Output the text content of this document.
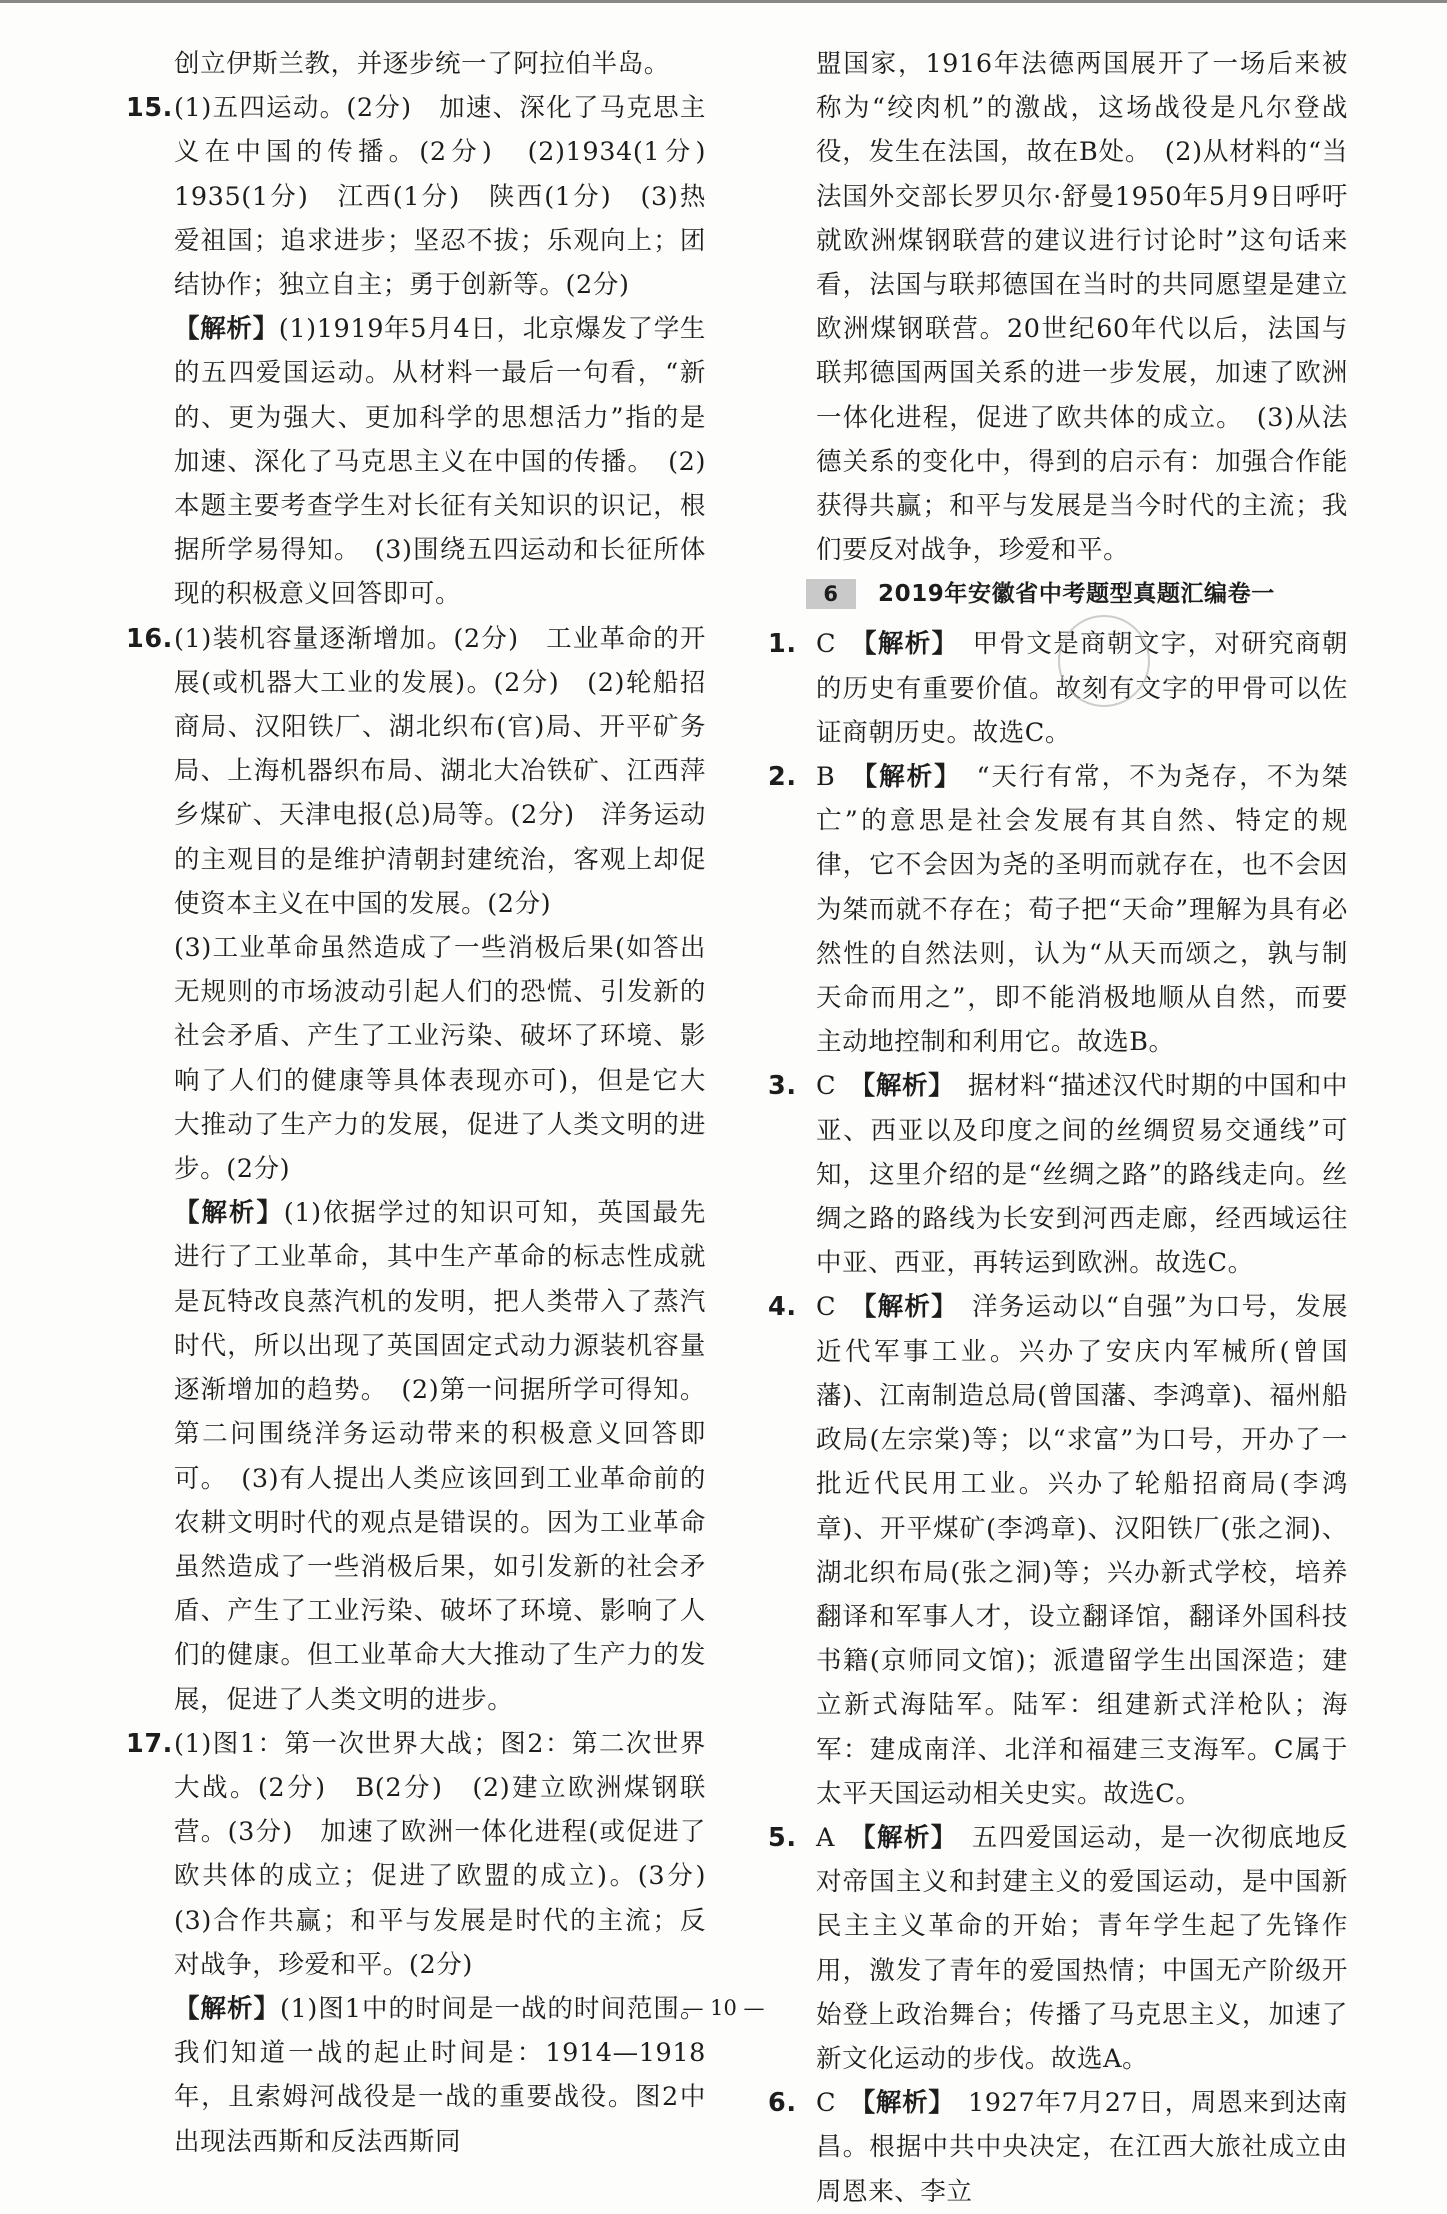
创立伊斯兰教，并逐步统一了阿拉伯半岛。

15.(1)五四运动。(2分)　加速、深化了马克思主义在中国的传播。(2分)　(2)1934(1分)　1935(1分)　江西(1分)　陕西(1分)　(3)热爱祖国；追求进步；坚忍不拔；乐观向上；团结协作；独立自主；勇于创新等。(2分)

【解析】(1)1919年5月4日，北京爆发了学生的五四爱国运动。从材料一最后一句看，“新的、更为强大、更加科学的思想活力”指的是加速、深化了马克思主义在中国的传播。　(2)本题主要考查学生对长征有关知识的识记，根据所学易得知。　(3)围绕五四运动和长征所体现的积极意义回答即可。

16.(1)装机容量逐渐增加。(2分)　工业革命的开展(或机器大工业的发展)。(2分)　(2)轮船招商局、汉阳铁厂、湖北织布(官)局、开平矿务局、上海机器织布局、湖北大冶铁矿、江西萍乡煤矿、天津电报(总)局等。(2分)　洋务运动的主观目的是维护清朝封建统治，客观上却促使资本主义在中国的发展。(2分)

(3)工业革命虽然造成了一些消极后果(如答出无规则的市场波动引起人们的恐慌、引发新的社会矛盾、产生了工业污染、破坏了环境、影响了人们的健康等具体表现亦可)，但是它大大推动了生产力的发展，促进了人类文明的进步。(2分)

【解析】(1)依据学过的知识可知，英国最先进行了工业革命，其中生产革命的标志性成就是瓦特改良蒸汽机的发明，把人类带入了蒸汽时代，所以出现了英国固定式动力源装机容量逐渐增加的趋势。　(2)第一问据所学可得知。第二问围绕洋务运动带来的积极意义回答即可。　(3)有人提出人类应该回到工业革命前的农耕文明时代的观点是错误的。因为工业革命虽然造成了一些消极后果，如引发新的社会矛盾、产生了工业污染、破坏了环境、影响了人们的健康。但工业革命大大推动了生产力的发展，促进了人类文明的进步。

17.(1)图1：第一次世界大战；图2：第二次世界大战。(2分)　B(2分)　(2)建立欧洲煤钢联营。(3分)　加速了欧洲一体化进程(或促进了欧共体的成立；促进了欧盟的成立)。(3分)　(3)合作共赢；和平与发展是时代的主流；反对战争，珍爱和平。(2分)

【解析】(1)图1中的时间是一战的时间范围。我们知道一战的起止时间是：1914—1918年，且索姆河战役是一战的重要战役。图2中出现法西斯和反法西斯同

盟国家，1916年法德两国展开了一场后来被称为“绞肉机”的激战，这场战役是凡尔登战役，发生在法国，故在B处。　(2)从材料的“当法国外交部长罗贝尔·舒曼1950年5月9日呼吁就欧洲煤钢联营的建议进行讨论时”这句话来看，法国与联邦德国在当时的共同愿望是建立欧洲煤钢联营。20世纪60年代以后，法国与联邦德国两国关系的进一步发展，加速了欧洲一体化进程，促进了欧共体的成立。　(3)从法德关系的变化中，得到的启示有：加强合作能获得共赢；和平与发展是当今时代的主流；我们要反对战争，珍爱和平。

6	2019年安徽省中考题型真题汇编卷一

1. C　 【解析】　 甲骨文是商朝文字，对研究商朝的历史有重要价值。故刻有文字的甲骨可以佐证商朝历史。故选C。

2. B　 【解析】　 “天行有常，不为尧存，不为桀亡”的意思是社会发展有其自然、特定的规律，它不会因为尧的圣明而就存在，也不会因为桀而就不存在；荀子把“天命”理解为具有必然性的自然法则，认为“从天而颂之，孰与制天命而用之”，即不能消极地顺从自然，而要主动地控制和利用它。故选B。

3. C　 【解析】　 据材料“描述汉代时期的中国和中亚、西亚以及印度之间的丝绸贸易交通线”可知，这里介绍的是“丝绸之路”的路线走向。丝绸之路的路线为长安到河西走廊，经西域运往中亚、西亚，再转运到欧洲。故选C。

4. C　 【解析】　 洋务运动以“自强”为口号，发展近代军事工业。兴办了安庆内军械所(曾国藩)、江南制造总局(曾国藩、李鸿章)、福州船政局(左宗棠)等；以“求富”为口号，开办了一批近代民用工业。兴办了轮船招商局(李鸿章)、开平煤矿(李鸿章)、汉阳铁厂(张之洞)、湖北织布局(张之洞)等；兴办新式学校，培养翻译和军事人才，设立翻译馆，翻译外国科技书籍(京师同文馆)；派遣留学生出国深造；建立新式海陆军。陆军：组建新式洋枪队；海军：建成南洋、北洋和福建三支海军。C属于太平天国运动相关史实。故选C。

5. A　 【解析】　 五四爱国运动，是一次彻底地反对帝国主义和封建主义的爱国运动，是中国新民主主义革命的开始；青年学生起了先锋作用，激发了青年的爱国热情；中国无产阶级开始登上政治舞台；传播了马克思主义，加速了新文化运动的步伐。故选A。

6. C　 【解析】　 1927年7月27日，周恩来到达南昌。根据中共中央决定，在江西大旅社成立由周恩来、李立

— 10 —
